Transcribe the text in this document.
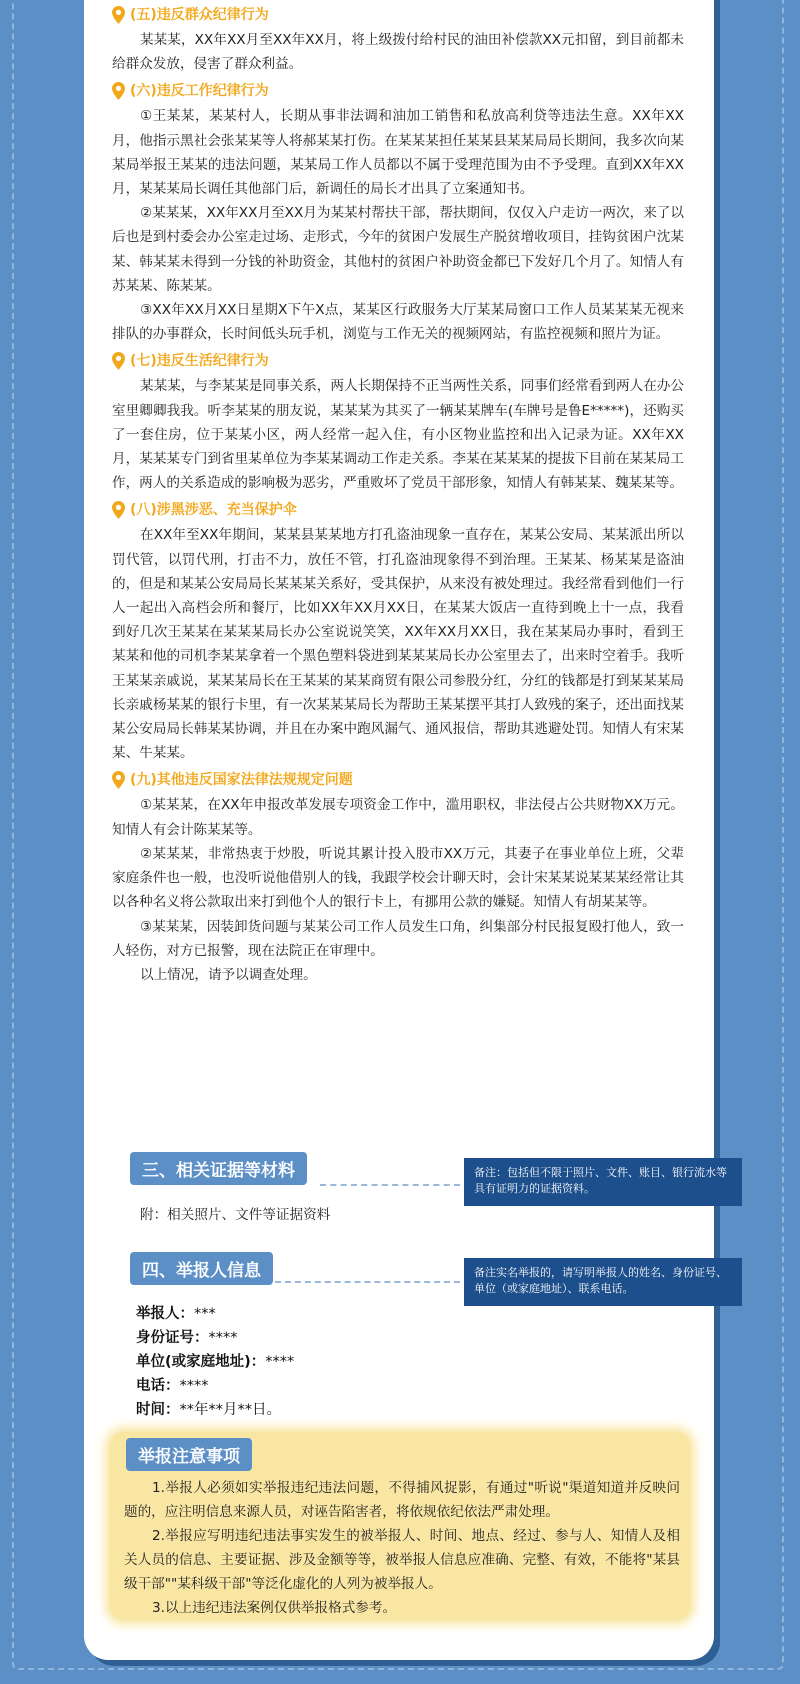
(五)违反群众纪律行为

某某某，XX年XX月至XX年XX月，将上级拨付给村民的油田补偿款XX元扣留，到目前都未给群众发放，侵害了群众利益。

(六)违反工作纪律行为

①王某某，某某村人，长期从事非法调和油加工销售和私放高利贷等违法生意。XX年XX月，他指示黑社会张某某等人将郝某某打伤。在某某某担任某某县某某局局长期间，我多次向某某局举报王某某的违法问题，某某局工作人员都以不属于受理范围为由不予受理。直到XX年XX月，某某某局长调任其他部门后，新调任的局长才出具了立案通知书。

②某某某，XX年XX月至XX月为某某村帮扶干部，帮扶期间，仅仅入户走访一两次，来了以后也是到村委会办公室走过场、走形式，今年的贫困户发展生产脱贫增收项目，挂钩贫困户沈某某、韩某某未得到一分钱的补助资金，其他村的贫困户补助资金都已下发好几个月了。知情人有苏某某、陈某某。

③XX年XX月XX日星期X下午X点，某某区行政服务大厅某某局窗口工作人员某某某无视来排队的办事群众，长时间低头玩手机，浏览与工作无关的视频网站，有监控视频和照片为证。

(七)违反生活纪律行为

某某某，与李某某是同事关系，两人长期保持不正当两性关系，同事们经常看到两人在办公室里卿卿我我。听李某某的朋友说，某某某为其买了一辆某某牌车(车牌号是鲁E*****)，还购买了一套住房，位于某某小区，两人经常一起入住，有小区物业监控和出入记录为证。XX年XX月，某某某专门到省里某单位为李某某调动工作走关系。李某在某某某的提拔下目前在某某局工作，两人的关系造成的影响极为恶劣，严重败坏了党员干部形象，知情人有韩某某、魏某某等。

(八)涉黑涉恶、充当保护伞

在XX年至XX年期间，某某县某某地方打孔盗油现象一直存在，某某公安局、某某派出所以罚代管，以罚代刑，打击不力，放任不管，打孔盗油现象得不到治理。王某某、杨某某是盗油的，但是和某某公安局局长某某某关系好，受其保护，从来没有被处理过。我经常看到他们一行人一起出入高档会所和餐厅，比如XX年XX月XX日，在某某大饭店一直待到晚上十一点，我看到好几次王某某在某某某局长办公室说说笑笑，XX年XX月XX日，我在某某局办事时，看到王某某和他的司机李某某拿着一个黑色塑料袋进到某某某局长办公室里去了，出来时空着手。我听王某某亲戚说，某某某局长在王某某的某某商贸有限公司参股分红，分红的钱都是打到某某某局长亲戚杨某某的银行卡里，有一次某某某局长为帮助王某某摆平其打人致残的案子，还出面找某某公安局局长韩某某协调，并且在办案中跑风漏气、通风报信，帮助其逃避处罚。知情人有宋某某、牛某某。

(九)其他违反国家法律法规规定问题

①某某某，在XX年申报改革发展专项资金工作中，滥用职权，非法侵占公共财物XX万元。知情人有会计陈某某等。

②某某某，非常热衷于炒股，听说其累计投入股市XX万元，其妻子在事业单位上班，父辈家庭条件也一般，也没听说他借别人的钱，我跟学校会计聊天时，会计宋某某说某某某经常让其以各种名义将公款取出来打到他个人的银行卡上，有挪用公款的嫌疑。知情人有胡某某等。

③某某某，因装卸货问题与某某公司工作人员发生口角，纠集部分村民报复殴打他人，致一人轻伤，对方已报警，现在法院正在审理中。

以上情况，请予以调查处理。

三、相关证据等材料	备注：包括但不限于照片、文件、账目、银行流水等具有证明力的证据资料。
附：相关照片、文件等证据资料
四、举报人信息	备注实名举报的，请写明举报人的姓名、身份证号、单位（或家庭地址）、联系电话。
举报人：***
身份证号：****
单位(或家庭地址)：****
电话：****
时间：**年**月**日。
举报注意事项

1.举报人必须如实举报违纪违法问题，不得捕风捉影，有通过"听说"渠道知道并反映问题的，应注明信息来源人员，对诬告陷害者，将依规依纪依法严肃处理。

2.举报应写明违纪违法事实发生的被举报人、时间、地点、经过、参与人、知情人及相关人员的信息、主要证据、涉及金额等等，被举报人信息应准确、完整、有效，不能将"某县级干部""某科级干部"等泛化虚化的人列为被举报人。

3.以上违纪违法案例仅供举报格式参考。
